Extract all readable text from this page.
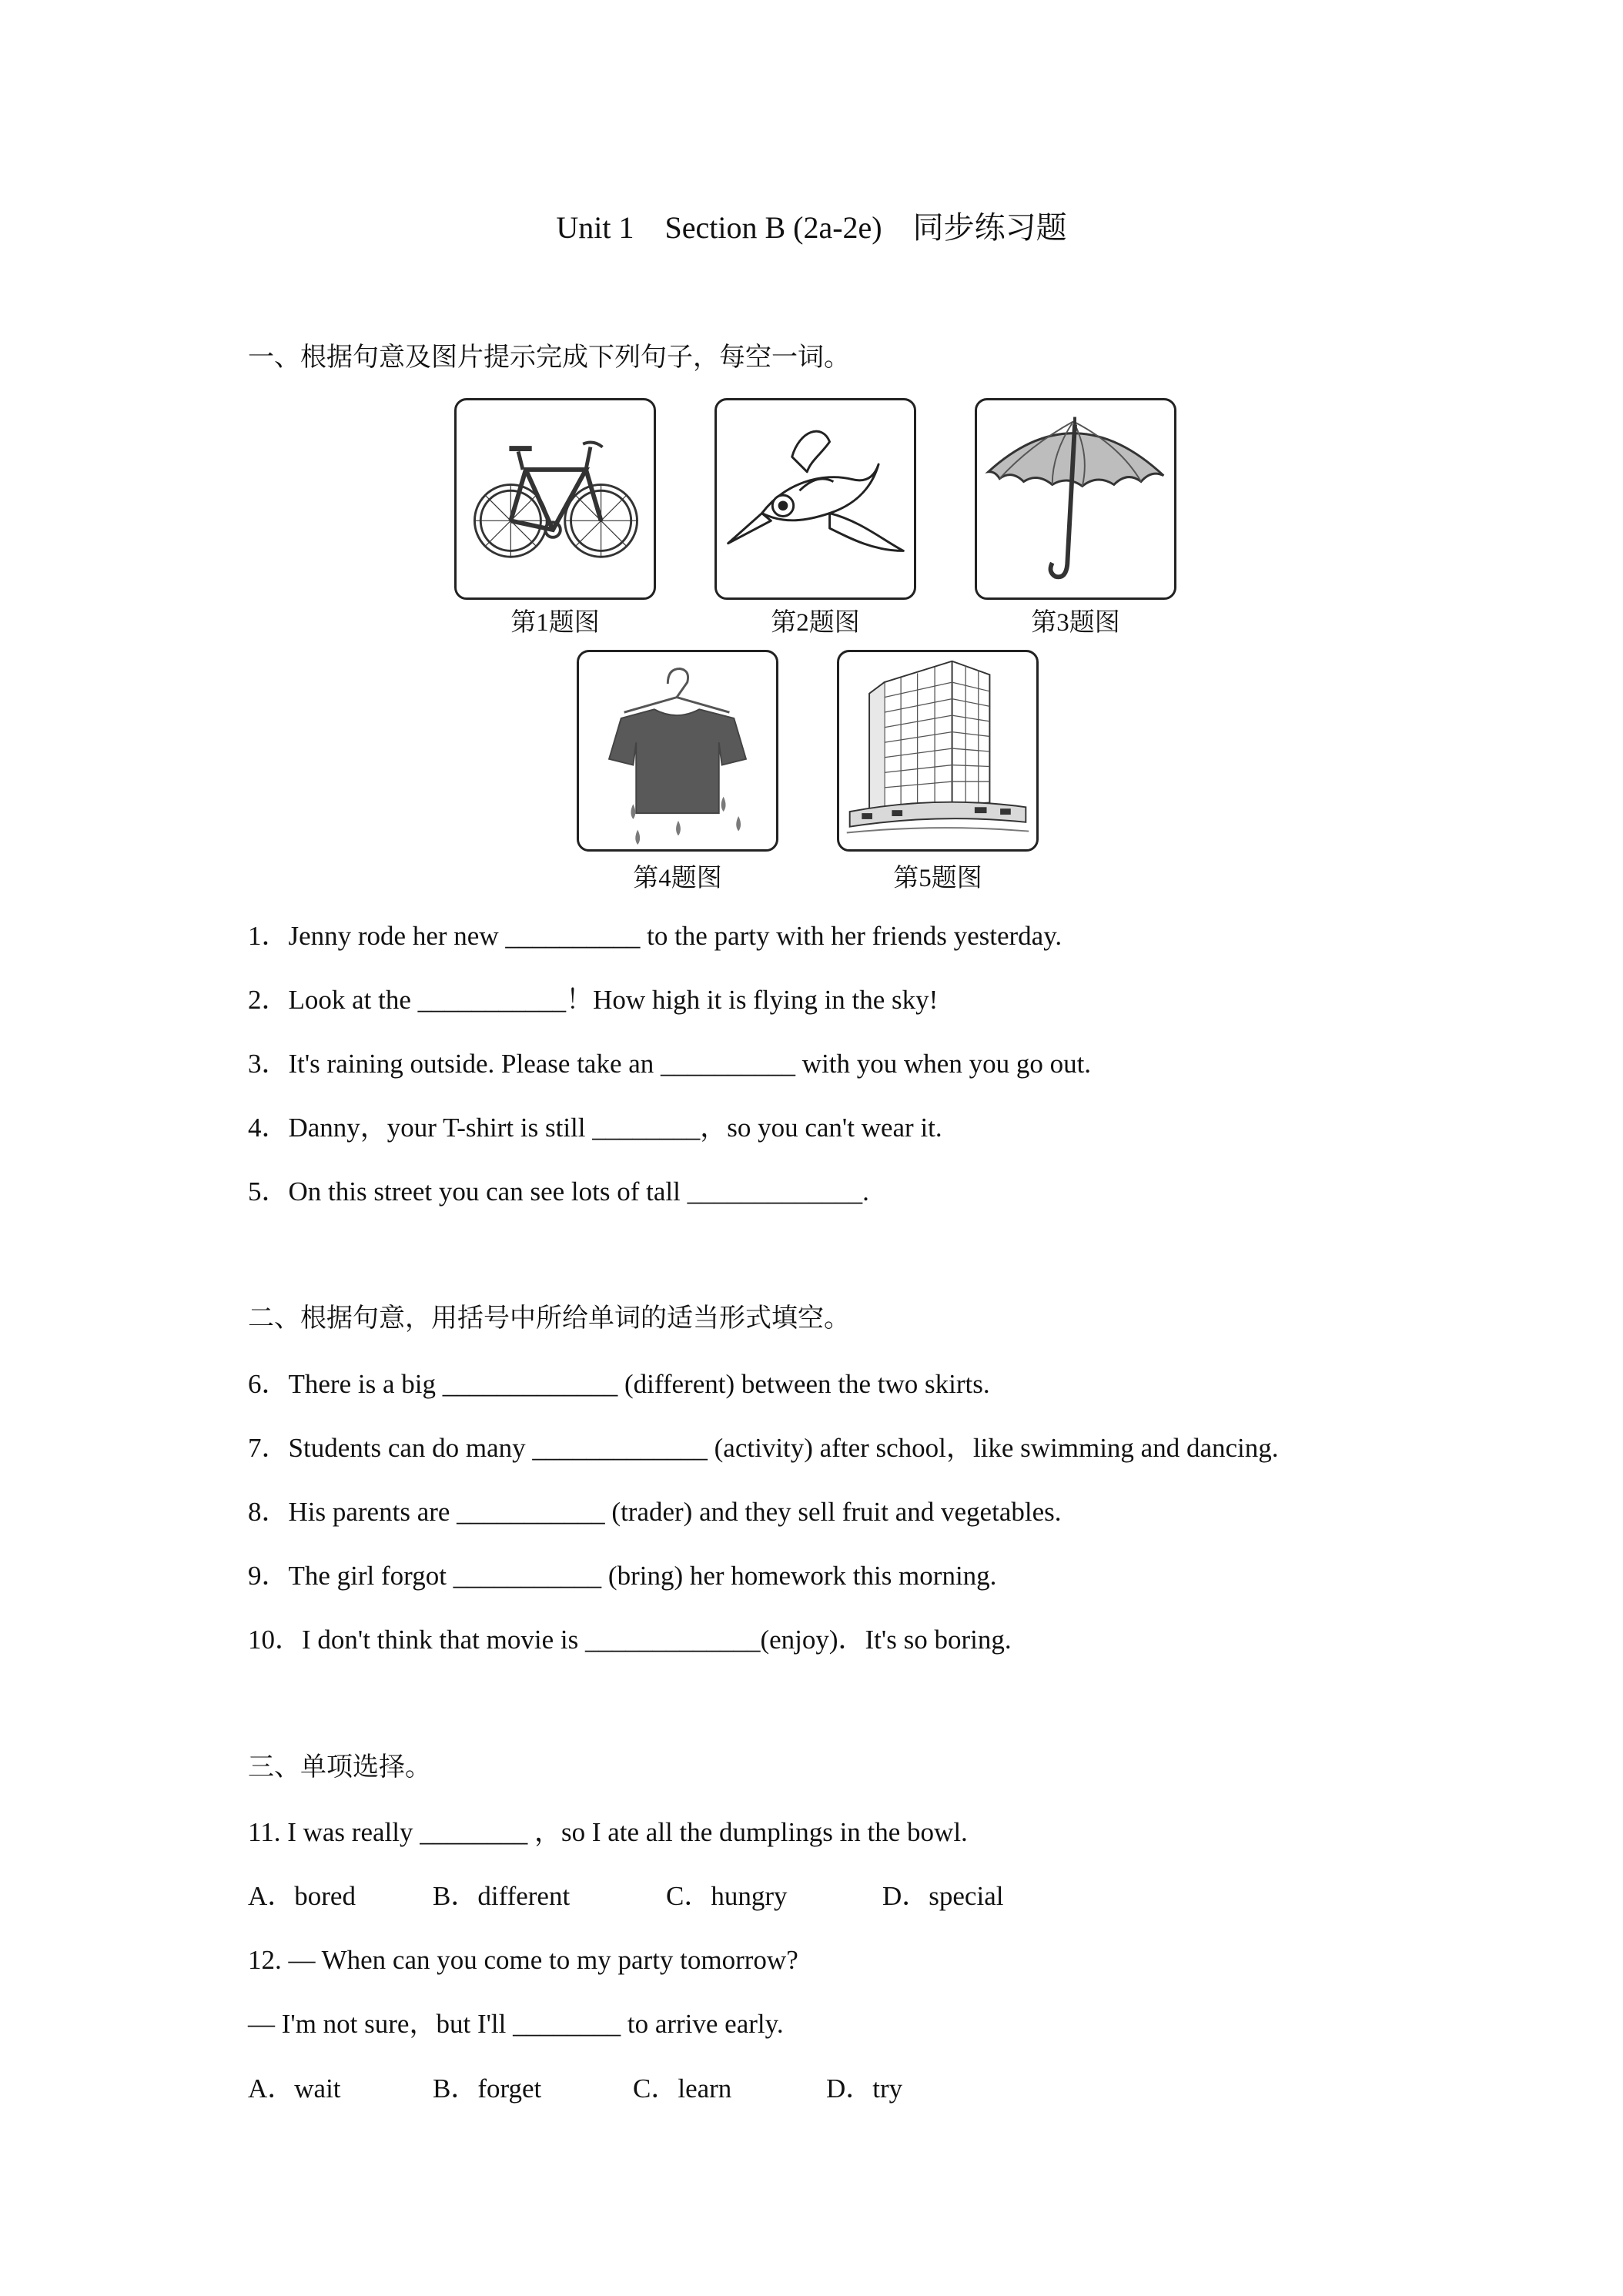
Unit 1    Section B (2a-2e)    同步练习题
一、根据句意及图片提示完成下列句子，每空一词。
第1题图	第2题图	第3题图
第4题图	第5题图
1．Jenny rode her new __________ to the party with her friends yesterday.
2．Look at the ___________！How high it is flying in the sky!
3．It's raining outside. Please take an __________ with you when you go out.
4．Danny，your T-shirt is still ________，so you can't wear it.
5．On this street you can see lots of tall _____________.
二、根据句意，用括号中所给单词的适当形式填空。
6．There is a big _____________ (different) between the two skirts.
7．Students can do many _____________ (activity) after school，like swimming and dancing.
8．His parents are ___________ (trader) and they sell fruit and vegetables.
9．The girl forgot ___________ (bring) her homework this morning.
10．I don't think that movie is _____________(enjoy)．It's so boring.
三、单项选择。
11. I was really ________ ，so I ate all the dumplings in the bowl.
A．bored	B．different	C．hungry	D．special
12. — When can you come to my party tomorrow?
— I'm not sure，but I'll ________ to arrive early.
A．wait	B．forget	C．learn	D．try
